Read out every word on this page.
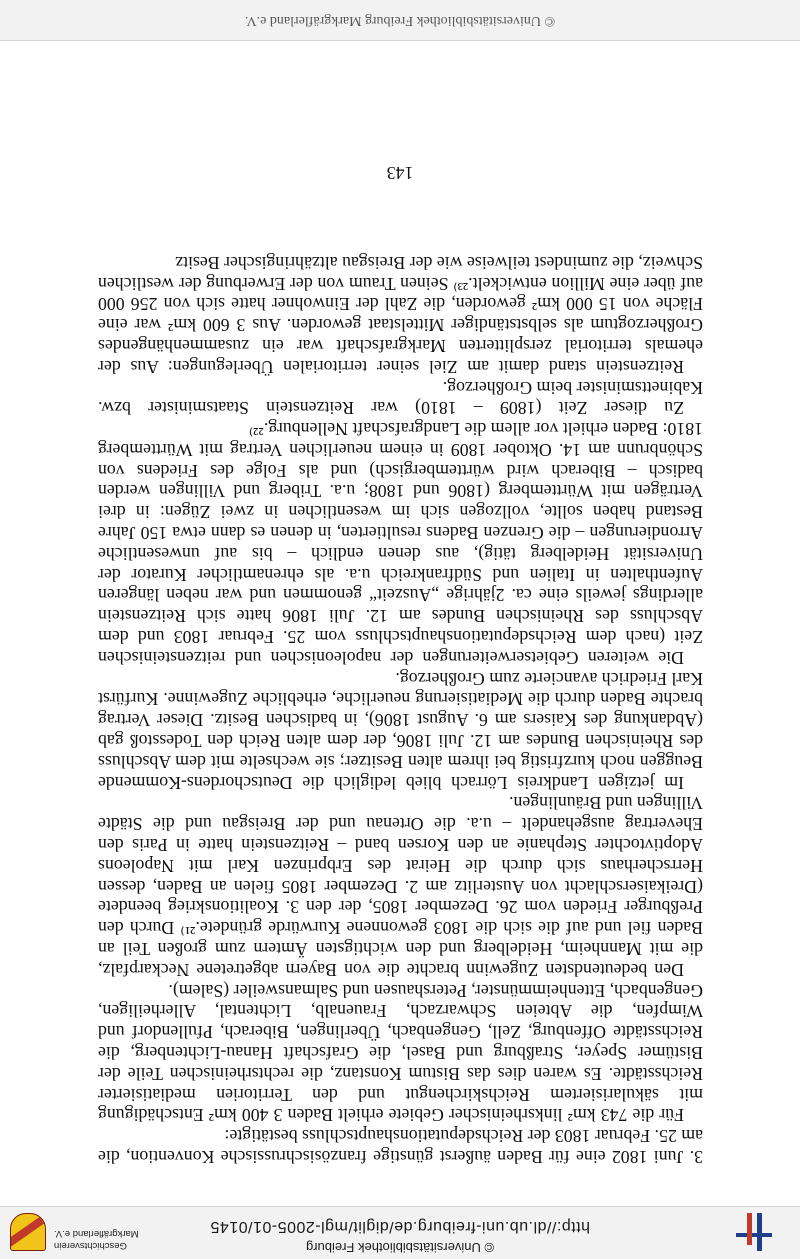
© Universitätsbibliothek Freiburg
http://dl.ub.uni-freiburg.de/diglit/mgl-2005-01/0145
Geschichtsverein
Markgräflerland e.V.

3. Juni 1802 eine für Baden äußerst günstige französischrussische Konvention, die am 25. Februar 1803 der Reichsdeputationshauptschluss bestätigte:

Für die 743 km² linksrheinischer Gebiete erhielt Baden 3 400 km² Entschädigung mit säkularisiertem Reichskirchengut und den Territorien mediatisierter Reichsstädte. Es waren dies das Bistum Konstanz, die rechtsrheinischen Teile der Bistümer Speyer, Straßburg und Basel, die Grafschaft Hanau-Lichtenberg, die Reichsstädte Offenburg, Zell, Gengenbach, Überlingen, Biberach, Pfullendorf und Wimpfen, die Abteien Schwarzach, Frauenalb, Lichtental, Allerheiligen, Gengenbach, Ettenheimmünster, Petershausen und Salmansweiler (Salem).

Den bedeutendsten Zugewinn brachte die von Bayern abgetretene Neckarpfalz, die mit Mannheim, Heidelberg und den wichtigsten Ämtern zum großen Teil an Baden fiel und auf die sich die 1803 gewonnene Kurwürde gründete.²¹⁾ Durch den Preßburger Frieden vom 26. Dezember 1805, der den 3. Koalitionskrieg beendete (Dreikaiserschlacht von Austerlitz am 2. Dezember 1805 fielen an Baden, dessen Herrscherhaus sich durch die Heirat des Erbprinzen Karl mit Napoleons Adoptivtochter Stephanie an den Korsen band – Reitzenstein hatte in Paris den Ehevertrag ausgehandelt – u.a. die Ortenau und der Breisgau und die Städte Villingen und Bräunlingen.

Im jetzigen Landkreis Lörrach blieb lediglich die Deutschordens-Kommende Beuggen noch kurzfristig bei ihrem alten Besitzer; sie wechselte mit dem Abschluss des Rheinischen Bundes am 12. Juli 1806, der dem alten Reich den Todesstoß gab (Abdankung des Kaisers am 6. August 1806), in badischen Besitz. Dieser Vertrag brachte Baden durch die Mediatisierung neuerliche, erhebliche Zugewinne. Kurfürst Karl Friedrich avancierte zum Großherzog.

Die weiteren Gebietserweiterungen der napoleonischen und reitzensteinischen Zeit (nach dem Reichsdeputationshauptschluss vom 25. Februar 1803 und dem Abschluss des Rheinischen Bundes am 12. Juli 1806 hatte sich Reitzenstein allerdings jeweils eine ca. 2jährige „Auszeit“ genommen und war neben längeren Aufenthalten in Italien und Südfrankreich u.a. als ehrenamtlicher Kurator der Universität Heidelberg tätig), aus denen endlich – bis auf unwesentliche Arrondierungen – die Grenzen Badens resultierten, in denen es dann etwa 150 Jahre Bestand haben sollte, vollzogen sich im wesentlichen in zwei Zügen: in drei Verträgen mit Württemberg (1806 und 1808; u.a. Triberg und Villingen werden badisch – Biberach wird württembergisch) und als Folge des Friedens von Schönbrunn am 14. Oktober 1809 in einem neuerlichen Vertrag mit Württemberg 1810: Baden erhielt vor allem die Landgrafschaft Nellenburg.²²⁾

Zu dieser Zeit (1809 – 1810) war Reitzenstein Staatsminister bzw. Kabinettsminister beim Großherzog.

Reitzenstein stand damit am Ziel seiner territorialen Überlegungen: Aus der ehemals territorial zersplitterten Markgrafschaft war ein zusammenhängendes Großherzogtum als selbstständiger Mittelstaat geworden. Aus 3 600 km² war eine Fläche von 15 000 km² geworden, die Zahl der Einwohner hatte sich von 256 000 auf über eine Million entwickelt.²³⁾ Seinen Traum von der Erwerbung der westlichen Schweiz, die zumindest teilweise wie der Breisgau altzähringischer Besitz

143
© Universitätsbibliothek Freiburg Markgräflerland e.V.
